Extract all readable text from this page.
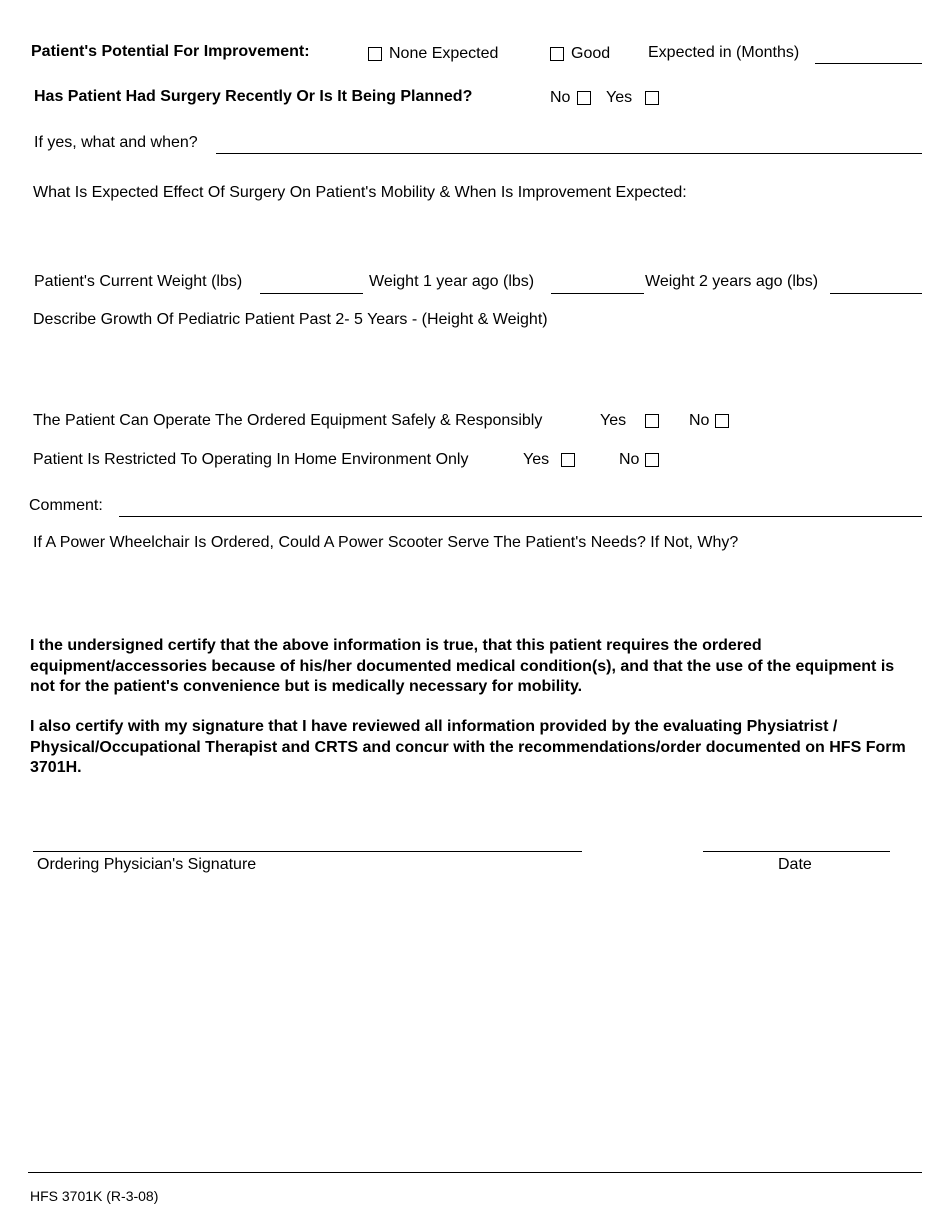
Patient's Potential For Improvement:	None Expected	Good Expected in (Months)
Has Patient Had Surgery Recently Or Is It Being Planned?	No Yes
If yes, what and when?
What Is Expected Effect Of Surgery On Patient's Mobility & When Is Improvement Expected:
Patient's Current Weight (lbs)	Weight 1 year ago (lbs)	Weight 2 years ago (lbs)
Describe Growth Of Pediatric Patient Past 2- 5 Years - (Height & Weight)
The Patient Can Operate The Ordered Equipment Safely & Responsibly	Yes	No
Patient Is Restricted To Operating In Home Environment Only	Yes	No
Comment:
If A Power Wheelchair Is Ordered, Could A Power Scooter Serve The Patient's Needs? If Not, Why?
I the undersigned certify that the above information is true, that this patient requires the ordered equipment/accessories because of his/her documented medical condition(s), and that the use of the equipment is not for the patient's convenience but is medically necessary for mobility.
I also certify with my signature that I have reviewed all information provided by the evaluating Physiatrist / Physical/Occupational Therapist and CRTS and concur with the recommendations/order documented on HFS Form 3701H.
Ordering Physician's Signature	Date
HFS 3701K (R-3-08)
